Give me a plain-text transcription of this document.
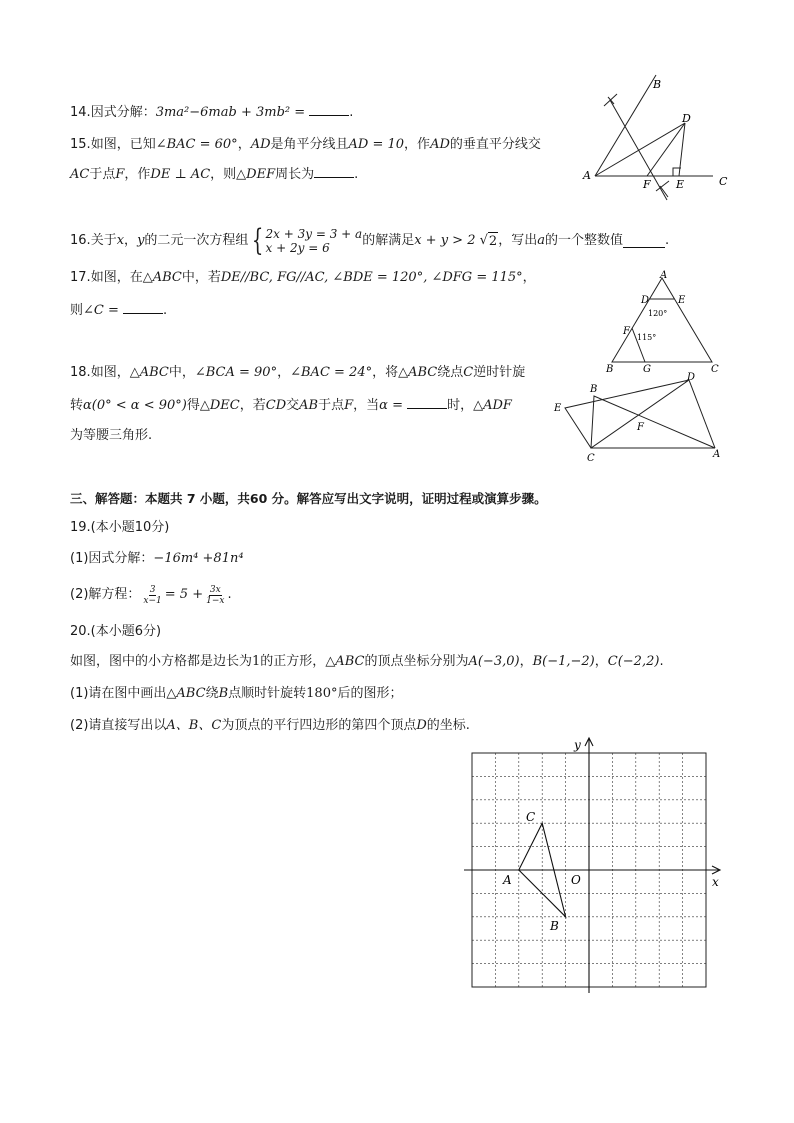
14.因式分解：3ma²−6mab + 3mb² =	.
15.如图，已知∠BAC = 60°，AD是角平分线且AD = 10，作AD的垂直平分线交
AC于点F，作DE ⊥ AC，则△DEF周长为	.	A
B
C
D
E
F
16. 关于 x ， y 的二元一次方程组 { 2x + 3y = 3 + a
x + 2y = 6	的解满足 x + y > 2
√ 2 ，写出 a 的一个整数值	.
17.如图，在△ABC中，若DE//BC, FG//AC, ∠BDE = 120°, ∠DFG = 115°，
则∠C =	.
A
B	C
D	E
F
G
120°
115°
18.如图，△ABC中，∠BCA = 90°，∠BAC = 24°，将△ABC绕点C逆时针旋
转α(0° < α < 90°)得△DEC，若CD交AB于点F，当α =	时，△ADF
为等腰三角形.
B
C	A
D
E
F
三、解答题：本题共 7 小题，共60 分。解答应写出文字说明，证明过程或演算步骤。
19.(本小题10分)
(1)因式分解：−16m⁴ +81n⁴
(2)解方程： $\frac{3}{x-1} = 5 + \frac{3x}{1-x}$ .
20.(本小题6分)
如图，图中的小方格都是边长为1的正方形，△ABC的顶点坐标分别为A(−3,0)，B(−1,−2)，C(−2,2).
(1)请在图中画出△ABC绕B点顺时针旋转180°后的图形；
(2)请直接写出以A、B、C为顶点的平行四边形的第四个顶点D的坐标.
x
y
O
A
B
C
